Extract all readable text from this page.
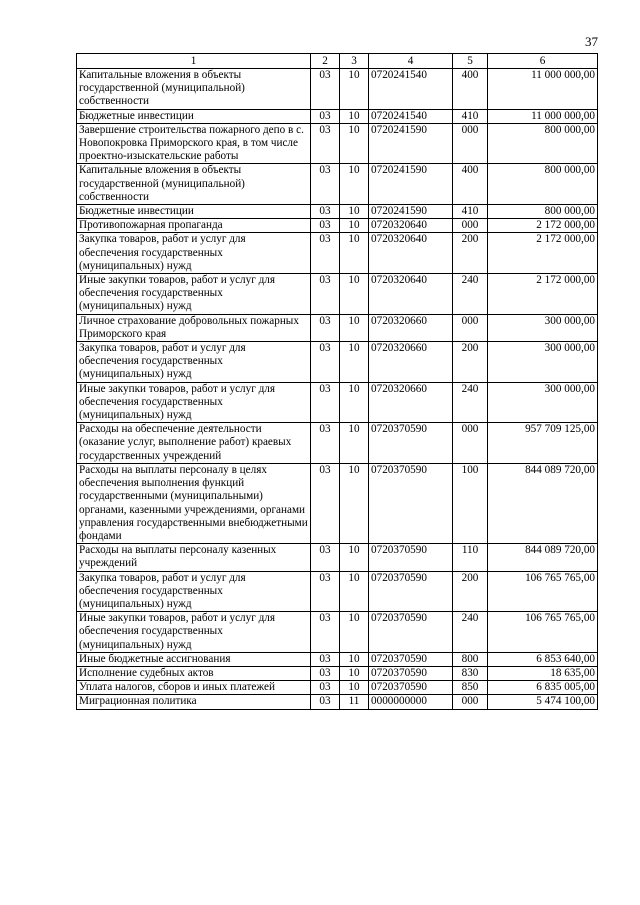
37
1	2	3	4	5	6
Капитальные вложения в объекты государственной (муниципальной) собственности	03	10	0720241540	400	11 000 000,00
Бюджетные инвестиции	03	10	0720241540	410	11 000 000,00
Завершение строительства пожарного депо в с. Новопокровка Приморского края, в том числе проектно-изыскательские работы	03	10	0720241590	000	800 000,00
Капитальные вложения в объекты государственной (муниципальной) собственности	03	10	0720241590	400	800 000,00
Бюджетные инвестиции	03	10	0720241590	410	800 000,00
Противопожарная пропаганда	03	10	0720320640	000	2 172 000,00
Закупка товаров, работ и услуг для обеспечения государственных (муниципальных) нужд	03	10	0720320640	200	2 172 000,00
Иные закупки товаров, работ и услуг для обеспечения государственных (муниципальных) нужд	03	10	0720320640	240	2 172 000,00
Личное страхование добровольных пожарных Приморского края	03	10	0720320660	000	300 000,00
Закупка товаров, работ и услуг для обеспечения государственных (муниципальных) нужд	03	10	0720320660	200	300 000,00
Иные закупки товаров, работ и услуг для обеспечения государственных (муниципальных) нужд	03	10	0720320660	240	300 000,00
Расходы на обеспечение деятельности (оказание услуг, выполнение работ) краевых государственных учреждений	03	10	0720370590	000	957 709 125,00
Расходы на выплаты персоналу в целях обеспечения выполнения функций государственными (муниципальными) органами, казенными учреждениями, органами управления государственными внебюджетными фондами	03	10	0720370590	100	844 089 720,00
Расходы на выплаты персоналу казенных учреждений	03	10	0720370590	110	844 089 720,00
Закупка товаров, работ и услуг для обеспечения государственных (муниципальных) нужд	03	10	0720370590	200	106 765 765,00
Иные закупки товаров, работ и услуг для обеспечения государственных (муниципальных) нужд	03	10	0720370590	240	106 765 765,00
Иные бюджетные ассигнования	03	10	0720370590	800	6 853 640,00
Исполнение судебных актов	03	10	0720370590	830	18 635,00
Уплата налогов, сборов и иных платежей	03	10	0720370590	850	6 835 005,00
Миграционная политика	03	11	0000000000	000	5 474 100,00
